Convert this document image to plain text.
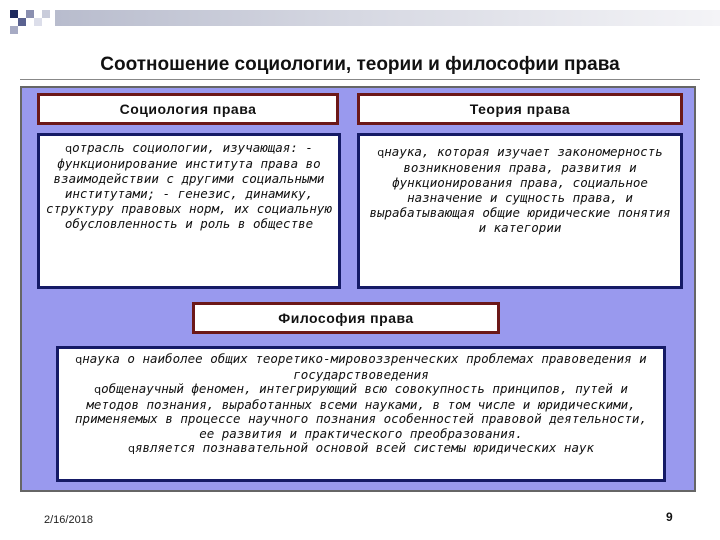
Соотношение социологии, теории и философии права
Социология права

qотрасль социологии, изучающая: - функционирование института права во взаимодействии с другими социальными институтами; - генезис, динамику, структуру правовых норм, их социальную обусловленность и роль в обществе

Теория права

qнаука, которая изучает закономерность возникновения права, развития и функционирования права, социальное назначение и сущность права, и вырабатывающая общие юридические понятия и категории

Философия права

qнаука о наиболее общих теоретико-мировоззренческих проблемах правоведения и государствоведения

qобщенаучный феномен, интегрирующий всю совокупность принципов, путей и методов познания, выработанных всеми науками, в том числе и юридическими, применяемых в процессе научного познания особенностей правовой деятельности, ее развития и практического преобразования.

qявляется познавательной основой всей системы юридических наук

2/16/2018	9
